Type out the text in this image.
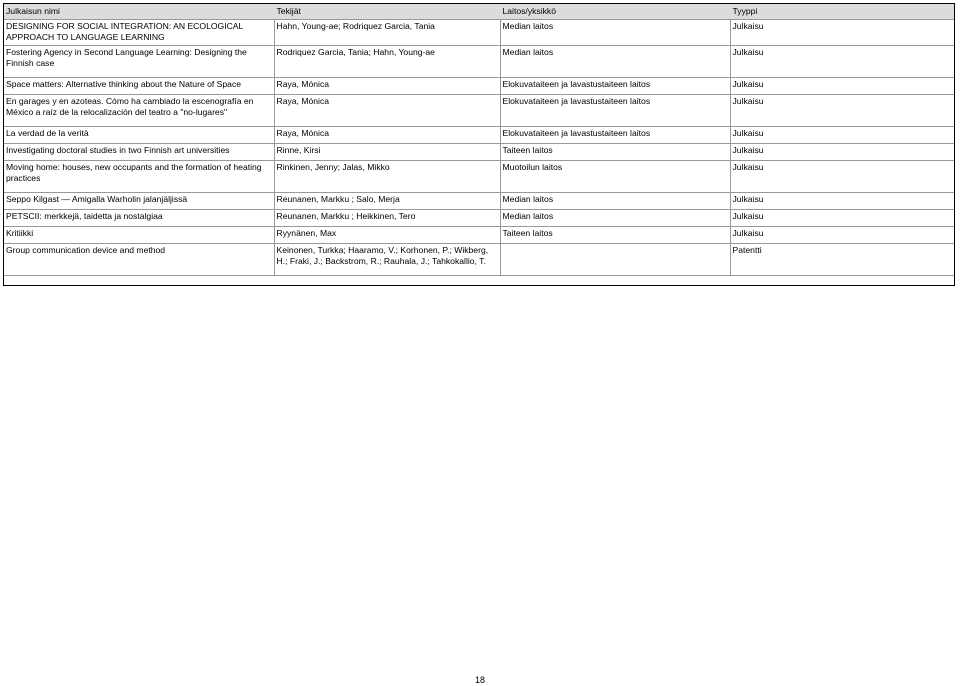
Julkaisun nimi	Tekijät	Laitos/yksikkö	Tyyppi
DESIGNING FOR SOCIAL INTEGRATION: AN ECOLOGICAL APPROACH TO LANGUAGE LEARNING	Hahn, Young-ae; Rodriquez Garcia, Tania	Median laitos	Julkaisu
Fostering Agency in Second Language Learning: Designing the Finnish case	Rodriquez Garcia, Tania; Hahn, Young-ae	Median laitos	Julkaisu
Space matters: Alternative thinking about the Nature of Space	Raya, Mónica	Elokuvataiteen ja lavastustaiteen laitos	Julkaisu
En garages y en azoteas. Cómo ha cambiado la escenografía en México a raíz de la relocalización del teatro a "no-lugares"	Raya, Mónica	Elokuvataiteen ja lavastustaiteen laitos	Julkaisu
La verdad de la verità	Raya, Mónica	Elokuvataiteen ja lavastustaiteen laitos	Julkaisu
Investigating doctoral studies in two Finnish art universities	Rinne, Kirsi	Taiteen laitos	Julkaisu
Moving home: houses, new occupants and the formation of heating practices	Rinkinen, Jenny; Jalas, Mikko	Muotoilun laitos	Julkaisu
Seppo Kilgast — Amigalla Warholin jalanjäljissä	Reunanen, Markku ; Salo, Merja	Median laitos	Julkaisu
PETSCII: merkkejä, taidetta ja nostalgiaa	Reunanen, Markku ; Heikkinen, Tero	Median laitos	Julkaisu
Kritiikki	Ryynänen, Max	Taiteen laitos	Julkaisu
Group communication device and method	Keinonen, Turkka; Haaramo, V.; Korhonen, P.; Wikberg, H.; Fraki, J.; Backstrom, R.; Rauhala, J.; Tahkokallio, T.		Patentti
18
